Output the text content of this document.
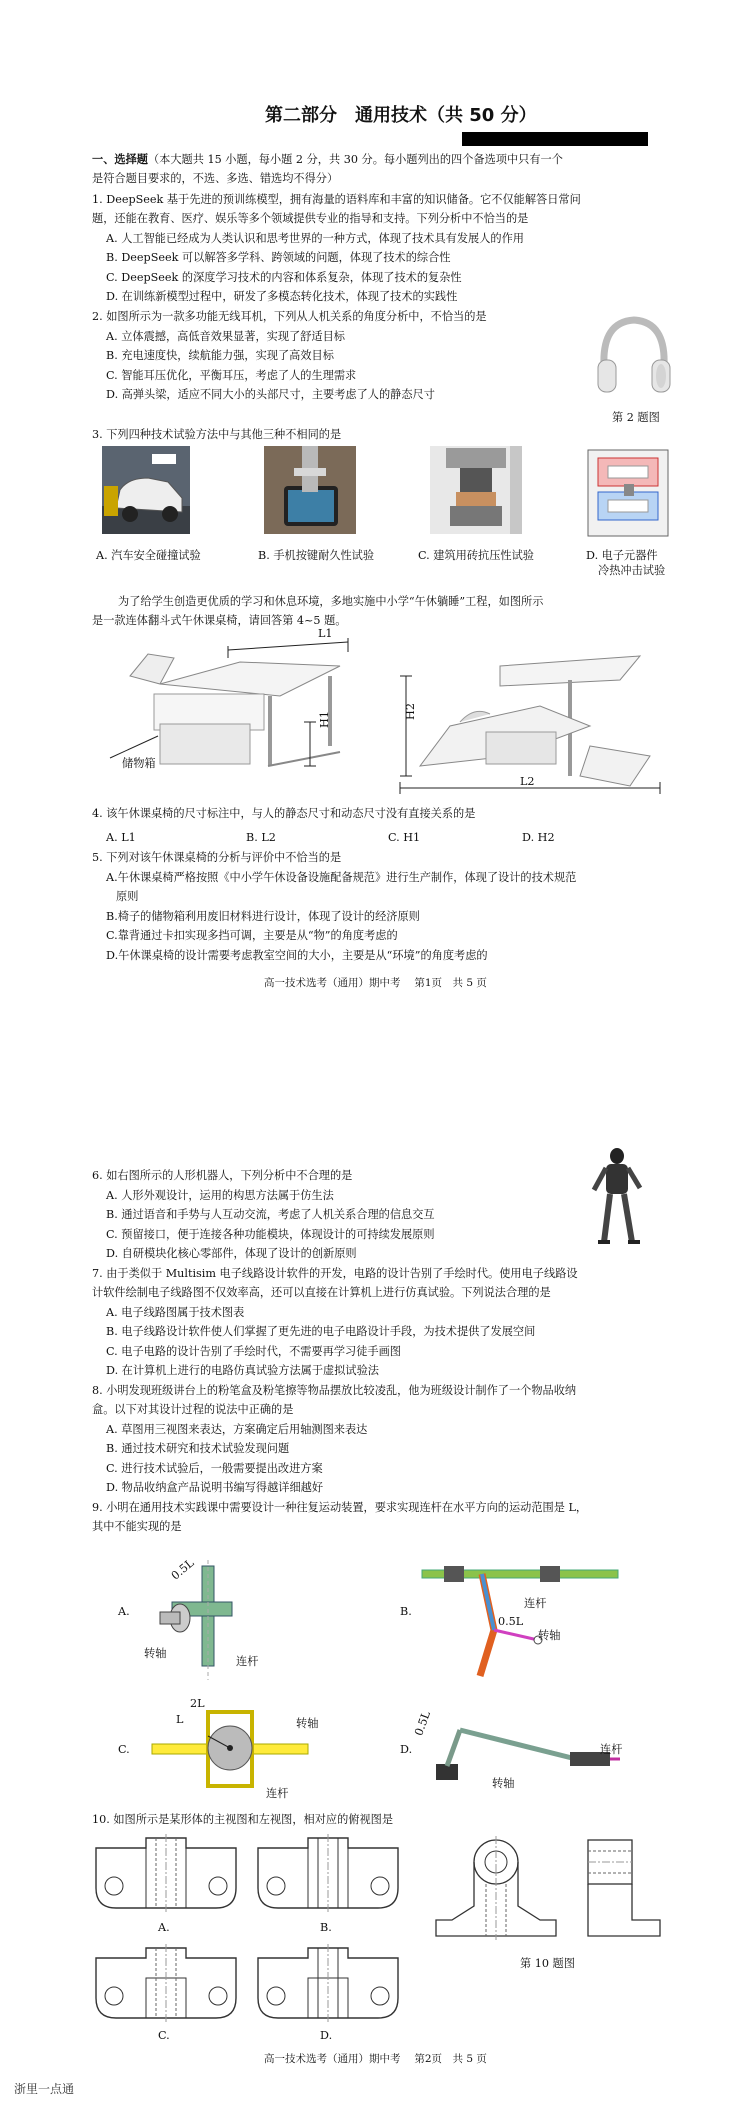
第二部分　通用技术（共 50 分）
一、选择题（本大题共 15 小题，每小题 2 分，共 30 分。每小题列出的四个备选项中只有一个
是符合题目要求的，不选、多选、错选均不得分）
1. DeepSeek 基于先进的预训练模型，拥有海量的语料库和丰富的知识储备。它不仅能解答日常问
题，还能在教育、医疗、娱乐等多个领域提供专业的指导和支持。下列分析中不恰当的是
A. 人工智能已经成为人类认识和思考世界的一种方式，体现了技术具有发展人的作用
B. DeepSeek 可以解答多学科、跨领域的问题，体现了技术的综合性
C. DeepSeek 的深度学习技术的内容和体系复杂，体现了技术的复杂性
D. 在训练新模型过程中，研发了多模态转化技术，体现了技术的实践性
2. 如图所示为一款多功能无线耳机，下列从人机关系的角度分析中，不恰当的是
A. 立体震撼，高低音效果显著，实现了舒适目标
B. 充电速度快，续航能力强，实现了高效目标
C. 智能耳压优化，平衡耳压，考虑了人的生理需求
D. 高弹头梁，适应不同大小的头部尺寸，主要考虑了人的静态尺寸
第 2 题图
3. 下列四种技术试验方法中与其他三种不相同的是
A. 汽车安全碰撞试验	B. 手机按键耐久性试验	C. 建筑用砖抗压性试验	D. 电子元器件
冷热冲击试验
为了给学生创造更优质的学习和休息环境，多地实施中小学“午休躺睡”工程，如图所示
是一款连体翻斗式午休课桌椅，请回答第 4~5 题。
L1
H1
储物箱
H2
L2
4. 该午休课桌椅的尺寸标注中，与人的静态尺寸和动态尺寸没有直接关系的是
A. L1	B. L2	C. H1	D. H2
5. 下列对该午休课桌椅的分析与评价中不恰当的是
A.午休课桌椅严格按照《中小学午休设备设施配备规范》进行生产制作，体现了设计的技术规范
原则
B.椅子的储物箱利用废旧材料进行设计，体现了设计的经济原则
C.靠背通过卡扣实现多挡可调，主要是从“物”的角度考虑的
D.午休课桌椅的设计需要考虑教室空间的大小，主要是从“环境”的角度考虑的
高一技术选考（通用）期中考　 第1页　共 5 页
6. 如右图所示的人形机器人，下列分析中不合理的是
A. 人形外观设计，运用的构思方法属于仿生法
B. 通过语音和手势与人互动交流，考虑了人机关系合理的信息交互
C. 预留接口，便于连接各种功能模块，体现设计的可持续发展原则
D. 自研模块化核心零部件，体现了设计的创新原则
7. 由于类似于 Multisim 电子线路设计软件的开发，电路的设计告别了手绘时代。使用电子线路设
计软件绘制电子线路图不仅效率高，还可以直接在计算机上进行仿真试验。下列说法合理的是
A. 电子线路图属于技术图表
B. 电子线路设计软件使人们掌握了更先进的电子电路设计手段，为技术提供了发展空间
C. 电子电路的设计告别了手绘时代，不需要再学习徒手画图
D. 在计算机上进行的电路仿真试验方法属于虚拟试验法
8. 小明发现班级讲台上的粉笔盒及粉笔擦等物品摆放比较凌乱，他为班级设计制作了一个物品收纳
盒。以下对其设计过程的说法中正确的是
A. 草图用三视图来表达，方案确定后用轴测图来表达
B. 通过技术研究和技术试验发现问题
C. 进行技术试验后，一般需要提出改进方案
D. 物品收纳盒产品说明书编写得越详细越好
9. 小明在通用技术实践课中需要设计一种往复运动装置，要求实现连杆在水平方向的运动范围是 L，
其中不能实现的是
A.
0.5L
转轴
连杆
B.
连杆
0.5L
转轴
C.
2L
L	转轴
连杆
D.
0.5L
连杆
转轴
10. 如图所示是某形体的主视图和左视图，相对应的俯视图是
A.	B.
第 10 题图
C.	D.
高一技术选考（通用）期中考　 第2页　共 5 页
浙里一点通
